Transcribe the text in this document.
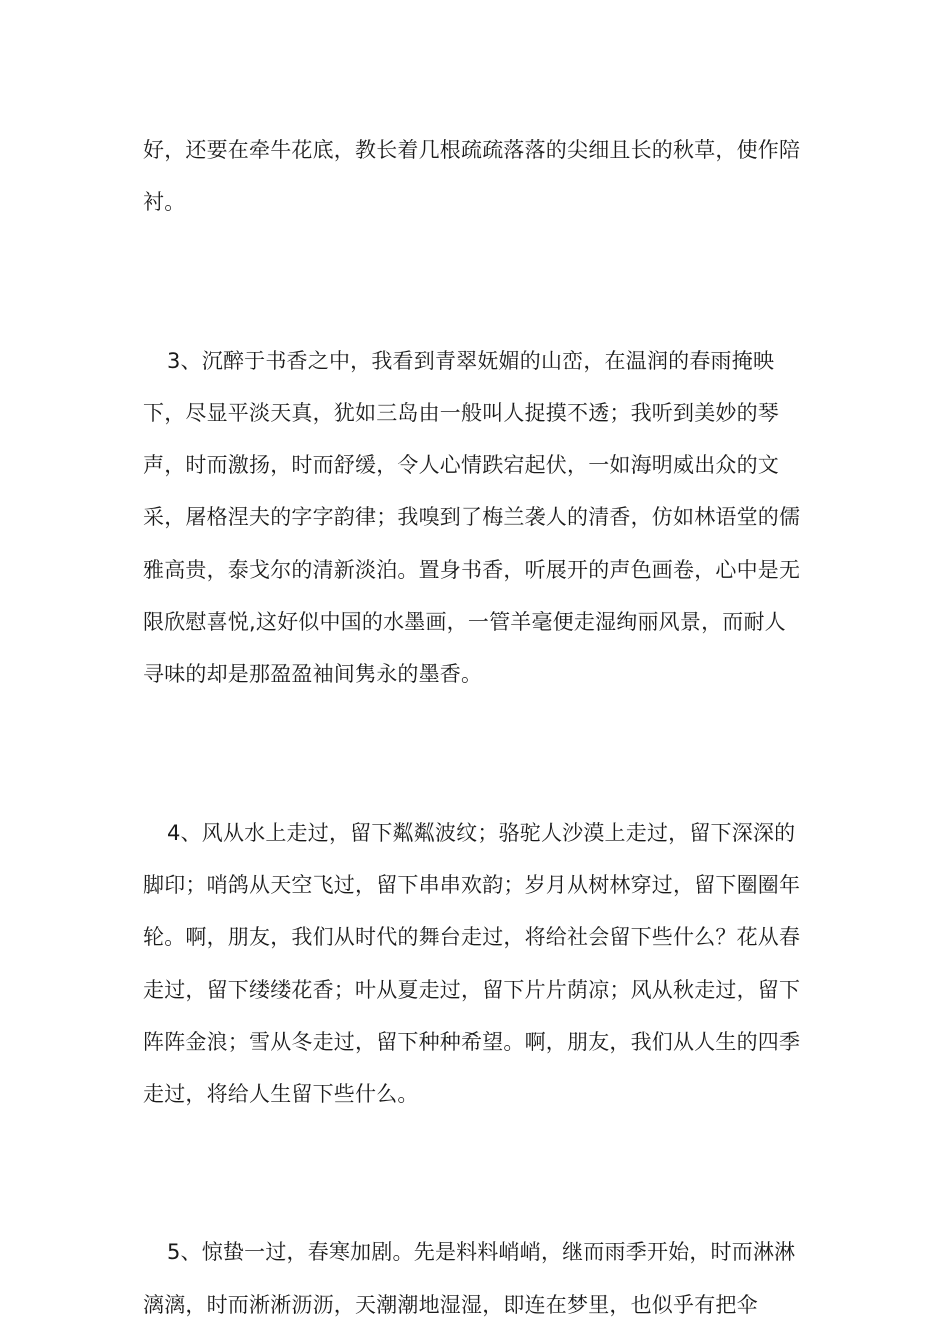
好，还要在牵牛花底，教长着几根疏疏落落的尖细且长的秋草，使作陪衬。

3、沉醉于书香之中，我看到青翠妩媚的山峦，在温润的春雨掩映下，尽显平淡天真，犹如三岛由一般叫人捉摸不透；我听到美妙的琴声，时而激扬，时而舒缓，令人心情跌宕起伏，一如海明威出众的文采，屠格涅夫的字字韵律；我嗅到了梅兰袭人的清香，仿如林语堂的儒雅高贵，泰戈尔的清新淡泊。置身书香，听展开的声色画卷，心中是无限欣慰喜悦,这好似中国的水墨画，一管羊毫便走湿绚丽风景，而耐人寻味的却是那盈盈袖间隽永的墨香。

4、风从水上走过，留下粼粼波纹；骆驼人沙漠上走过，留下深深的脚印；哨鸽从天空飞过，留下串串欢韵；岁月从树林穿过，留下圈圈年轮。啊，朋友，我们从时代的舞台走过，将给社会留下些什么？花从春走过，留下缕缕花香；叶从夏走过，留下片片荫凉；风从秋走过，留下阵阵金浪；雪从冬走过，留下种种希望。啊，朋友，我们从人生的四季走过，将给人生留下些什么。

5、惊蛰一过，春寒加剧。先是料料峭峭，继而雨季开始，时而淋淋漓漓，时而淅淅沥沥，天潮潮地湿湿，即连在梦里，也似乎有把伞
